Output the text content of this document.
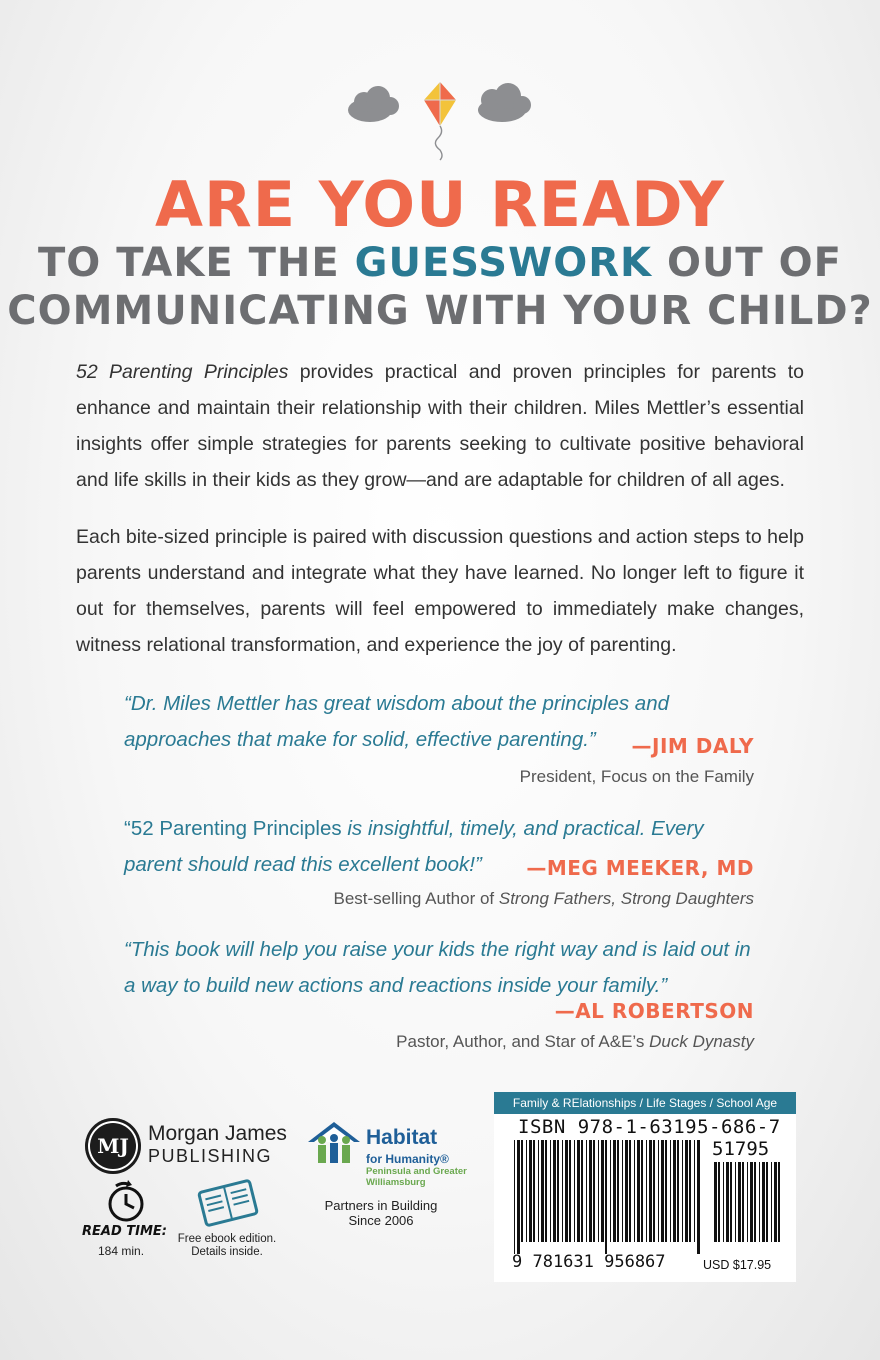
ARE YOU READY
TO TAKE THE GUESSWORK OUT OF
COMMUNICATING WITH YOUR CHILD?

52 Parenting Principles provides practical and proven principles for parents to enhance and maintain their relationship with their children. Miles Mettler’s essential insights offer simple strategies for parents seeking to cultivate positive behavioral and life skills in their kids as they grow—and are adaptable for children of all ages.

Each bite-sized principle is paired with discussion questions and action steps to help parents understand and integrate what they have learned. No longer left to figure it out for themselves, parents will feel empowered to immediately make changes, witness relational transformation, and experience the joy of parenting.

“Dr. Miles Mettler has great wisdom about the principles and approaches that make for solid, effective parenting.”	—JIM DALY

President, Focus on the Family

“52 Parenting Principles is insightful, timely, and practical. Every parent should read this excellent book!”	—MEG MEEKER, MD

Best-selling Author of Strong Fathers, Strong Daughters

“This book will help you raise your kids the right way and is laid out in a way to build new actions and reactions inside your family.”

—AL ROBERTSON

Pastor, Author, and Star of A&E’s Duck Dynasty

MJ
Morgan James
PUBLISHING
Habitat
for Humanity®
Peninsula and Greater Williamsburg
Partners in Building
Since 2006
READ TIME:
184 min.
Free ebook edition.
Details inside.
Family & RElationships / Life Stages / School Age
ISBN 978-1-63195-686-7
51795
9 781631 956867	USD $17.95
